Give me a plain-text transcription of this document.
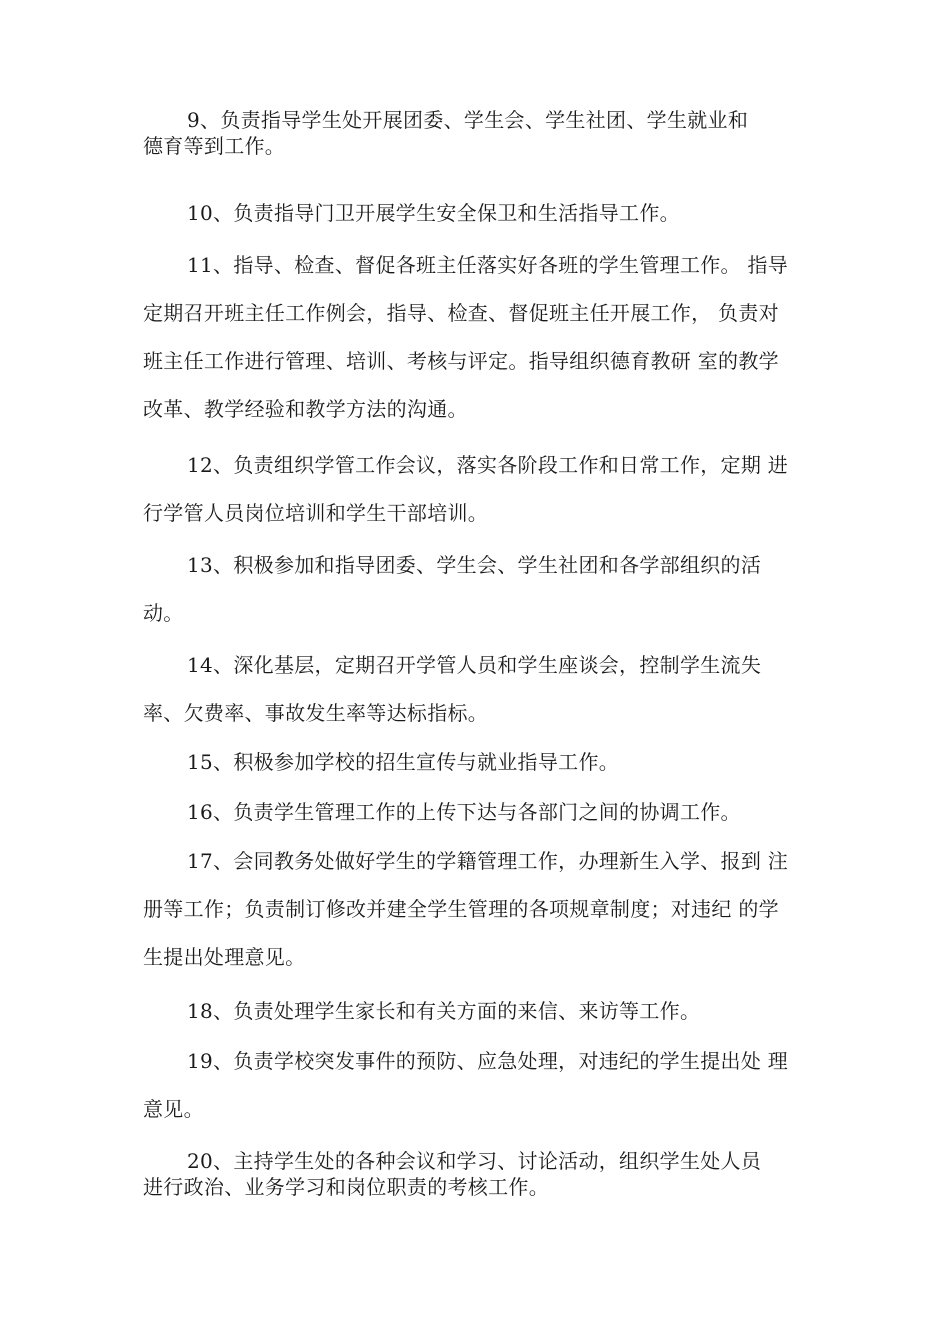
9、负责指导学生处开展团委、学生会、学生社团、学生就业和
德育等到工作。

10、负责指导门卫开展学生安全保卫和生活指导工作。

11、指导、检查、督促各班主任落实好各班的学生管理工作。 指导
定期召开班主任工作例会，指导、检查、督促班主任开展工作， 负责对
班主任工作进行管理、培训、考核与评定。指导组织德育教研 室的教学
改革、教学经验和教学方法的沟通。

12、负责组织学管工作会议，落实各阶段工作和日常工作，定期 进
行学管人员岗位培训和学生干部培训。

13、积极参加和指导团委、学生会、学生社团和各学部组织的活
动。

14、深化基层，定期召开学管人员和学生座谈会，控制学生流失
率、欠费率、事故发生率等达标指标。

15、积极参加学校的招生宣传与就业指导工作。

16、负责学生管理工作的上传下达与各部门之间的协调工作。

17、会同教务处做好学生的学籍管理工作，办理新生入学、报到 注
册等工作；负责制订修改并建全学生管理的各项规章制度；对违纪 的学
生提出处理意见。

18、负责处理学生家长和有关方面的来信、来访等工作。

19、负责学校突发事件的预防、应急处理，对违纪的学生提出处 理
意见。

20、主持学生处的各种会议和学习、讨论活动，组织学生处人员
进行政治、业务学习和岗位职责的考核工作。
